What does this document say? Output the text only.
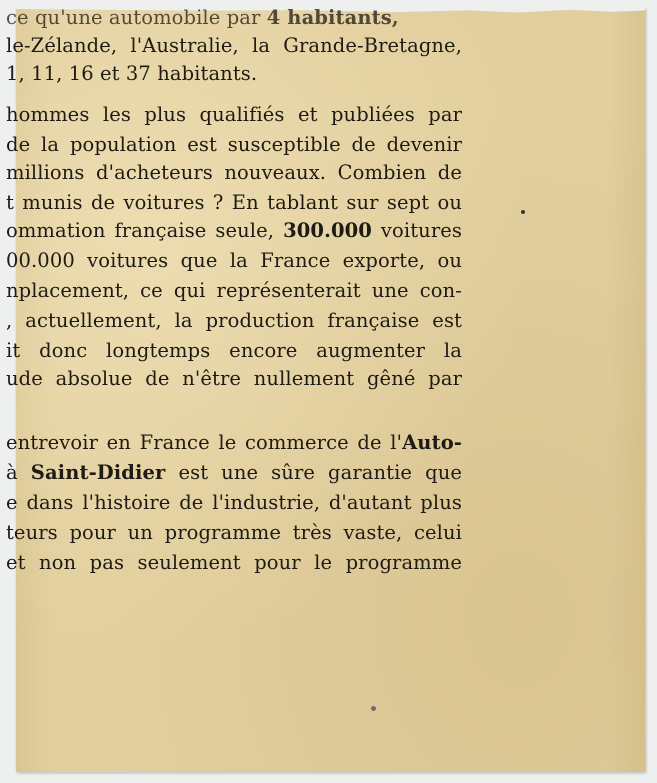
ce qu'une automobile par 4 habitants,
le-Zélande, l'Australie, la Grande-Bretagne,
1, 11, 16 et 37 habitants.
hommes les plus qualifiés et publiées par
de la population est susceptible de devenir
millions d'acheteurs nouveaux. Combien de
t munis de voitures ? En tablant sur sept ou
ommation française seule, 300.000 voitures
00.000 voitures que la France exporte, ou
nplacement, ce qui représenterait une con-
, actuellement, la production française est
it donc longtemps encore augmenter la
ude absolue de n'être nullement gêné par
entrevoir en France le commerce de l'Auto-
à Saint-Didier est une sûre garantie que
e dans l'histoire de l'industrie, d'autant plus
teurs pour un programme très vaste, celui
et non pas seulement pour le programme
